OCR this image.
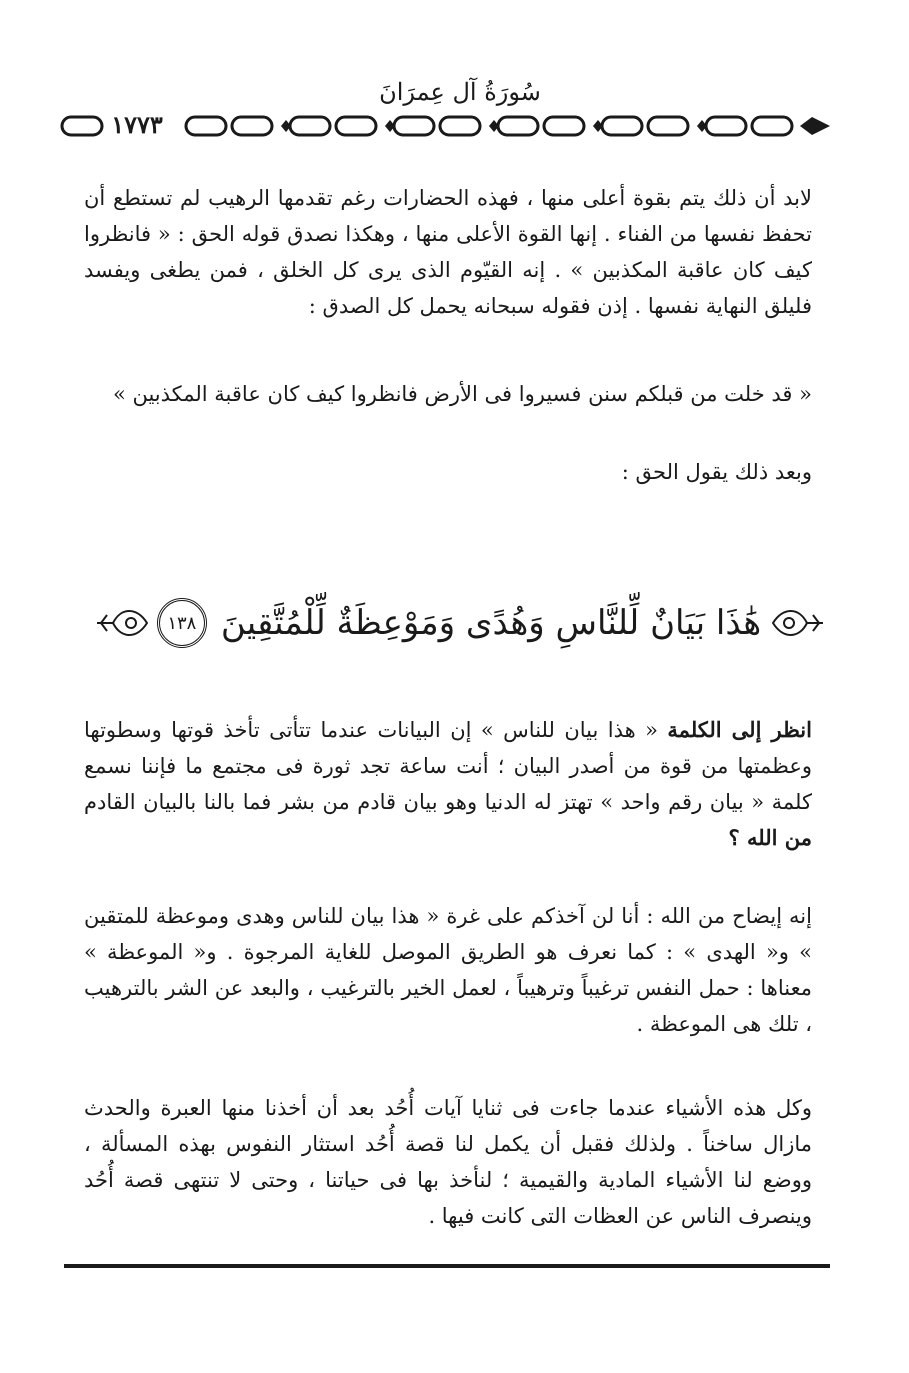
سُورَةُ آل عِمرَانَ
١٧٧٣
لابد أن ذلك يتم بقوة أعلى منها ، فهذه الحضارات رغم تقدمها الرهيب لم تستطع أن تحفظ نفسها من الفناء . إنها القوة الأعلى منها ، وهكذا نصدق قوله الحق : « فانظروا كيف كان عاقبة المكذبين » . إنه القيّوم الذى يرى كل الخلق ، فمن يطغى ويفسد فليلق النهاية نفسها . إذن فقوله سبحانه يحمل كل الصدق :
« قد خلت من قبلكم سنن فسيروا فى الأرض فانظروا كيف كان عاقبة المكذبين »
وبعد ذلك يقول الحق :
هَٰذَا بَيَانٌ لِّلنَّاسِ وَهُدًى وَمَوْعِظَةٌ لِّلْمُتَّقِينَ
١٣٨
انظر إلى الكلمة « هذا بيان للناس » إن البيانات عندما تتأتى تأخذ قوتها وسطوتها وعظمتها من قوة من أصدر البيان ؛ أنت ساعة تجد ثورة فى مجتمع ما فإننا نسمع كلمة « بيان رقم واحد » تهتز له الدنيا وهو بيان قادم من بشر فما بالنا بالبيان القادم من الله ؟
إنه إيضاح من الله : أنا لن آخذكم على غرة « هذا بيان للناس وهدى وموعظة للمتقين » و« الهدى » : كما نعرف هو الطريق الموصل للغاية المرجوة . و« الموعظة » معناها : حمل النفس ترغيباً وترهيباً ، لعمل الخير بالترغيب ، والبعد عن الشر بالترهيب ، تلك هى الموعظة .
وكل هذه الأشياء عندما جاءت فى ثنايا آيات أُحُد بعد أن أخذنا منها العبرة والحدث مازال ساخناً . ولذلك فقبل أن يكمل لنا قصة أُحُد استثار النفوس بهذه المسألة ، ووضع لنا الأشياء المادية والقيمية ؛ لنأخذ بها فى حياتنا ، وحتى لا تنتهى قصة أُحُد وينصرف الناس عن العظات التى كانت فيها .
